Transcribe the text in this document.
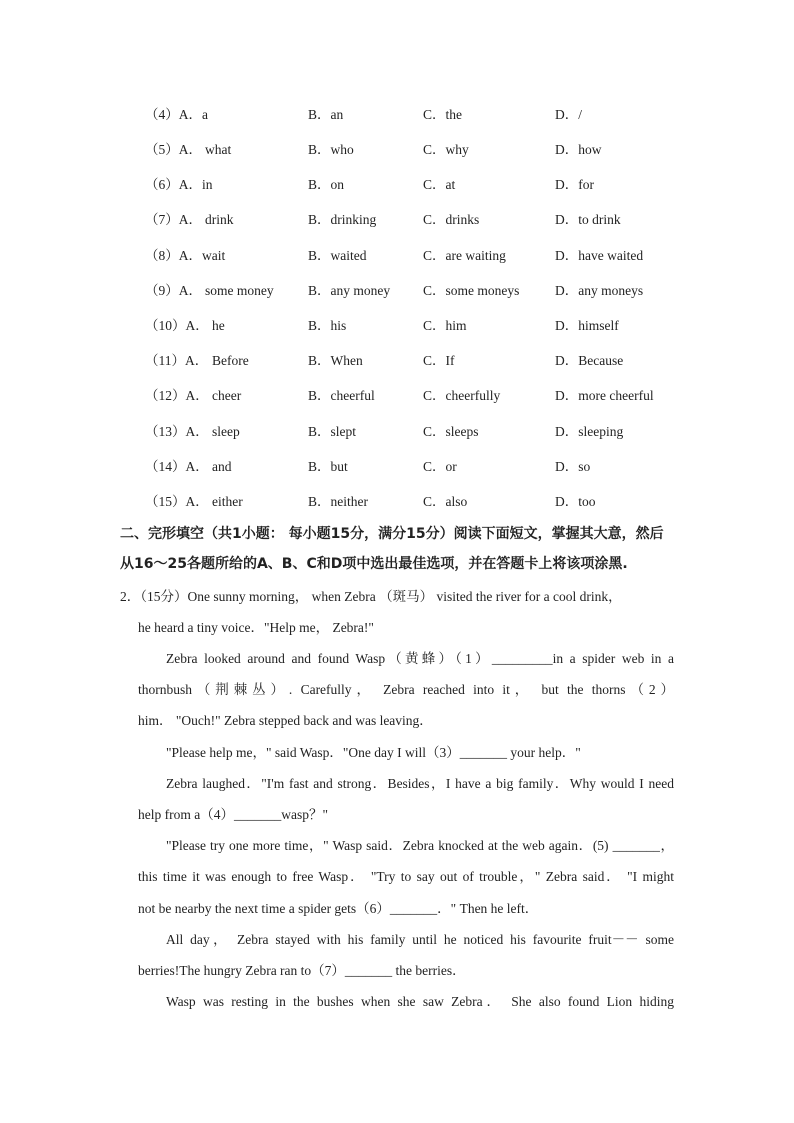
（4）A．a	B．an	C．the	D．/
（5）A． what	B．who	C．why	D．how
（6）A．in	B．on	C．at	D．for
（7）A． drink	B．drinking	C．drinks	D．to drink
（8）A．wait	B．waited	C．are waiting	D．have waited
（9）A． some money	B．any money C．some moneys	D．any moneys
（10）A． he	B．his	C．him	D．himself
（11）A． Before	B．When	C．If	D．Because
（12）A． cheer	B．cheerful	C．cheerfully	D．more cheerful
（13）A． sleep	B．slept	C．sleeps	D．sleeping
（14）A． and	B．but	C．or	D．so
（15）A． either	B．neither	C．also	D．too
二、完形填空（共1小题： 每小题15分，满分15分）阅读下面短文，掌握其大意，然后
从16～25各题所给的A、B、C和D项中选出最佳选项，并在答题卡上将该项涂黑.
2．（15分）One sunny morning， when Zebra （斑马） visited the river for a cool drink，
he heard a tiny voice．"Help me， Zebra!"
Zebra looked around and found Wasp（黄蜂）（1）_________in a spider web in a
thornbush（荆棘丛）. Carefully， Zebra reached into it， but the thorns（2）
him． "Ouch!" Zebra stepped back and was leaving．
"Please help me，" said Wasp．"One day I will（3）_______ your help．"
Zebra laughed．"I'm fast and strong．Besides，I have a big family．Why would I need
help from a（4）_______wasp？"
"Please try one more time，" Wasp said．Zebra knocked at the web again．(5) _______，
this time it was enough to free Wasp． "Try to say out of trouble，" Zebra said． "I might
not be nearby the next time a spider gets（6）_______．" Then he left．
All day， Zebra stayed with his family until he noticed his favourite fruit－－ some
berries!The hungry Zebra ran to（7）_______ the berries．
Wasp was resting in the bushes when she saw Zebra． She also found Lion hiding
